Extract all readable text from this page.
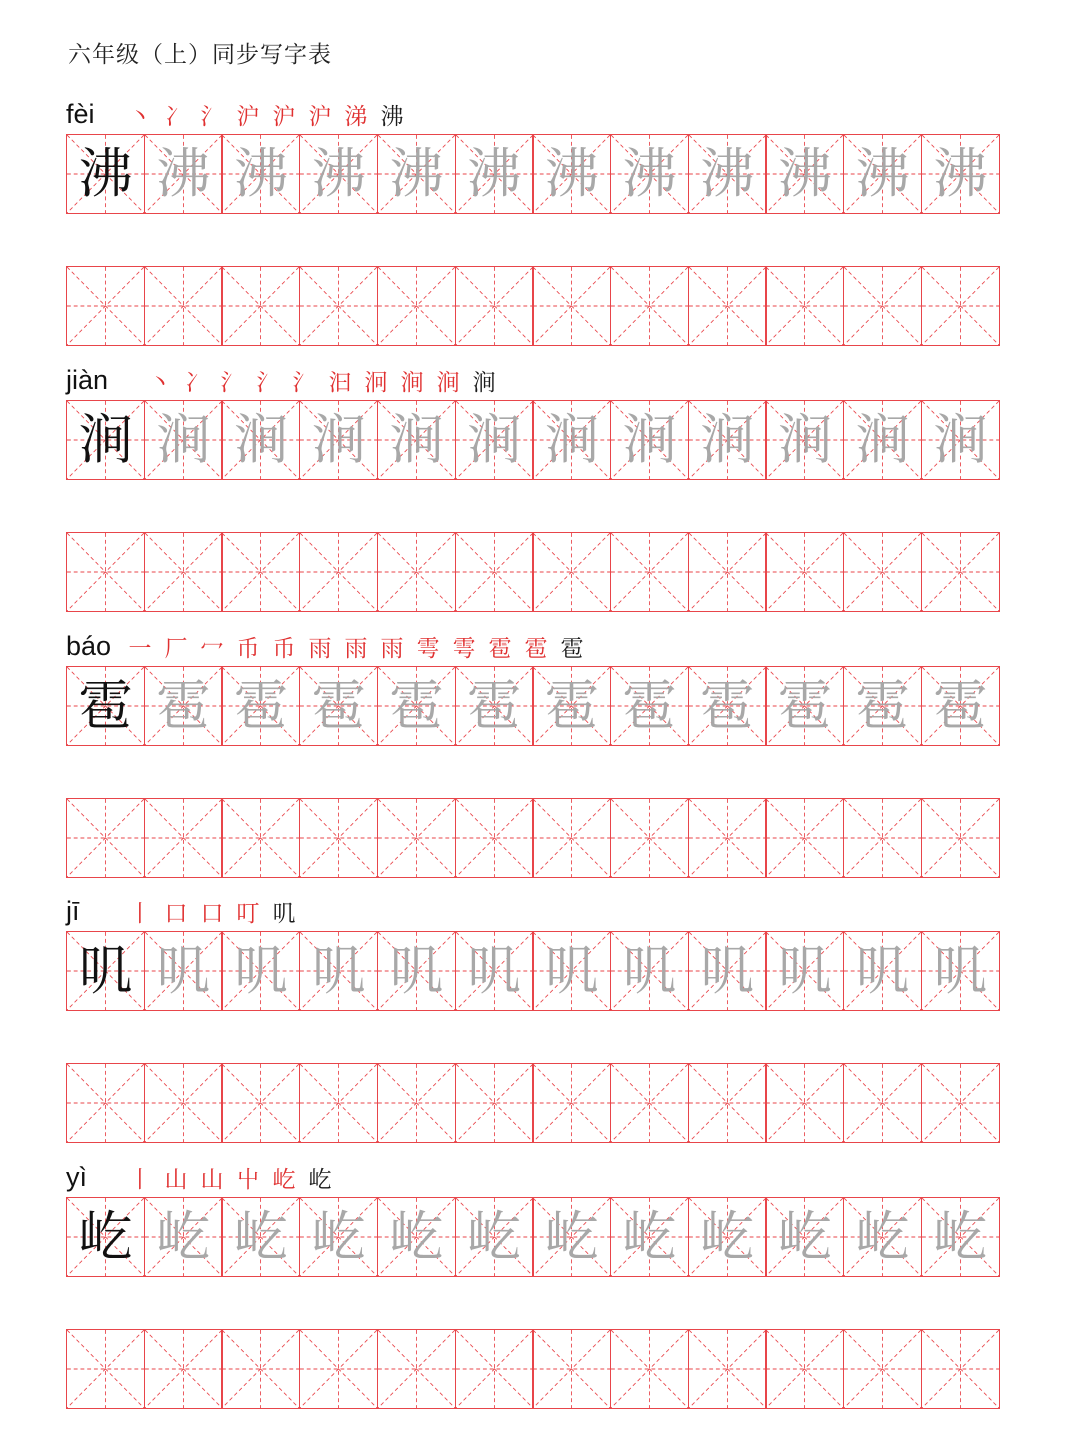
六年级（上）同步写字表
fèi 丶 冫 氵 沪 沪 沪 涕 沸
沸 沸 沸 沸 沸 沸 沸 沸 沸 沸 沸 沸
jiàn 丶 冫 氵 氵 氵 汩 泂 涧 涧 涧
涧 涧 涧 涧 涧 涧 涧 涧 涧 涧 涧 涧
báo 一 厂 冖 币 币 雨 雨 雨 雩 雩 雹 雹 雹
雹 雹 雹 雹 雹 雹 雹 雹 雹 雹 雹 雹
jī 丨 口 口 叮 叽
叽 叽 叽 叽 叽 叽 叽 叽 叽 叽 叽 叽
yì 丨 山 山 屮 屹 屹
屹 屹 屹 屹 屹 屹 屹 屹 屹 屹 屹 屹
